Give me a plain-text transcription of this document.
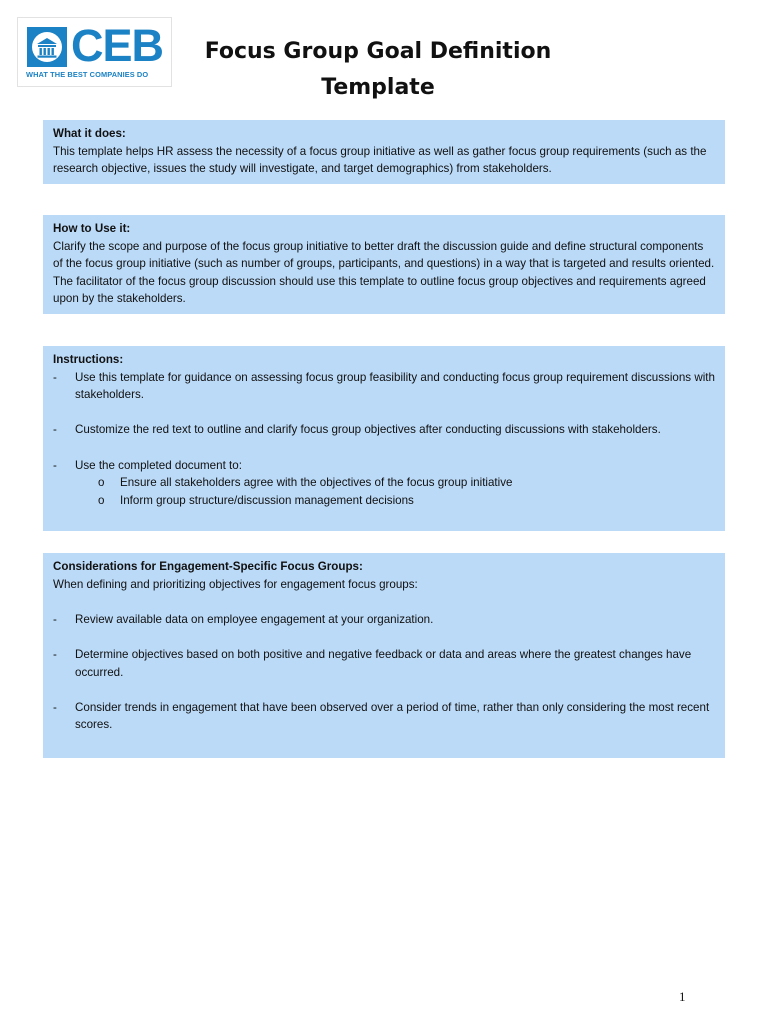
CEB
WHAT THE BEST COMPANIES DO
Focus Group Goal Definition
Template
What it does:

This template helps HR assess the necessity of a focus group initiative as well as gather focus group requirements (such as the research objective, issues the study will investigate, and target demographics) from stakeholders.

How to Use it:

Clarify the scope and purpose of the focus group initiative to better draft the discussion guide and define structural components of the focus group initiative (such as number of groups, participants, and questions) in a way that is targeted and results oriented. The facilitator of the focus group discussion should use this template to outline focus group objectives and requirements agreed upon by the stakeholders.

Instructions:
- Use this template for guidance on assessing focus group feasibility and conducting focus group requirement discussions with stakeholders.
- Customize the red text to outline and clarify focus group objectives after conducting discussions with stakeholders.
- Use the completed document to:
o Ensure all stakeholders agree with the objectives of the focus group initiative
o Inform group structure/discussion management decisions
Considerations for Engagement-Specific Focus Groups:

When defining and prioritizing objectives for engagement focus groups:

- Review available data on employee engagement at your organization.
- Determine objectives based on both positive and negative feedback or data and areas where the greatest changes have occurred.
- Consider trends in engagement that have been observed over a period of time, rather than only considering the most recent scores.
1
